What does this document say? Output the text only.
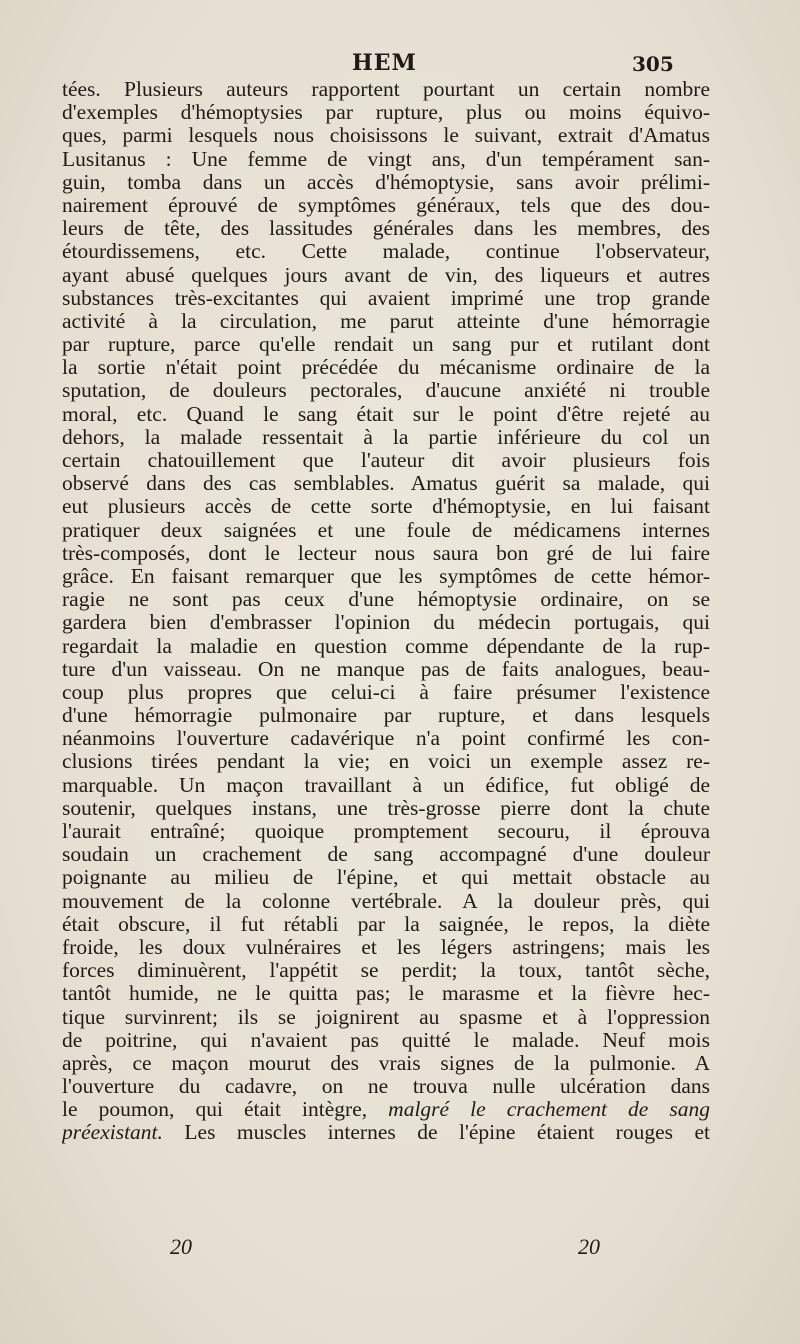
HEM	305
tées. Plusieurs auteurs rapportent pourtant un certain nombre
d'exemples d'hémoptysies par rupture, plus ou moins équivo-
ques, parmi lesquels nous choisissons le suivant, extrait d'Amatus
Lusitanus : Une femme de vingt ans, d'un tempérament san-
guin, tomba dans un accès d'hémoptysie, sans avoir prélimi-
nairement éprouvé de symptômes généraux, tels que des dou-
leurs de tête, des lassitudes générales dans les membres, des
étourdissemens, etc. Cette malade, continue l'observateur,
ayant abusé quelques jours avant de vin, des liqueurs et autres
substances très-excitantes qui avaient imprimé une trop grande
activité à la circulation, me parut atteinte d'une hémorragie
par rupture, parce qu'elle rendait un sang pur et rutilant dont
la sortie n'était point précédée du mécanisme ordinaire de la
sputation, de douleurs pectorales, d'aucune anxiété ni trouble
moral, etc. Quand le sang était sur le point d'être rejeté au
dehors, la malade ressentait à la partie inférieure du col un
certain chatouillement que l'auteur dit avoir plusieurs fois
observé dans des cas semblables. Amatus guérit sa malade, qui
eut plusieurs accès de cette sorte d'hémoptysie, en lui faisant
pratiquer deux saignées et une foule de médicamens internes
très-composés, dont le lecteur nous saura bon gré de lui faire
grâce. En faisant remarquer que les symptômes de cette hémor-
ragie ne sont pas ceux d'une hémoptysie ordinaire, on se
gardera bien d'embrasser l'opinion du médecin portugais, qui
regardait la maladie en question comme dépendante de la rup-
ture d'un vaisseau. On ne manque pas de faits analogues, beau-
coup plus propres que celui-ci à faire présumer l'existence
d'une hémorragie pulmonaire par rupture, et dans lesquels
néanmoins l'ouverture cadavérique n'a point confirmé les con-
clusions tirées pendant la vie; en voici un exemple assez re-
marquable. Un maçon travaillant à un édifice, fut obligé de
soutenir, quelques instans, une très-grosse pierre dont la chute
l'aurait entraîné; quoique promptement secouru, il éprouva
soudain un crachement de sang accompagné d'une douleur
poignante au milieu de l'épine, et qui mettait obstacle au
mouvement de la colonne vertébrale. A la douleur près, qui
était obscure, il fut rétabli par la saignée, le repos, la diète
froide, les doux vulnéraires et les légers astringens; mais les
forces diminuèrent, l'appétit se perdit; la toux, tantôt sèche,
tantôt humide, ne le quitta pas; le marasme et la fièvre hec-
tique survinrent; ils se joignirent au spasme et à l'oppression
de poitrine, qui n'avaient pas quitté le malade. Neuf mois
après, ce maçon mourut des vrais signes de la pulmonie. A
l'ouverture du cadavre, on ne trouva nulle ulcération dans
le poumon, qui était intègre, malgré le crachement de sang
préexistant. Les muscles internes de l'épine étaient rouges et
20	20
